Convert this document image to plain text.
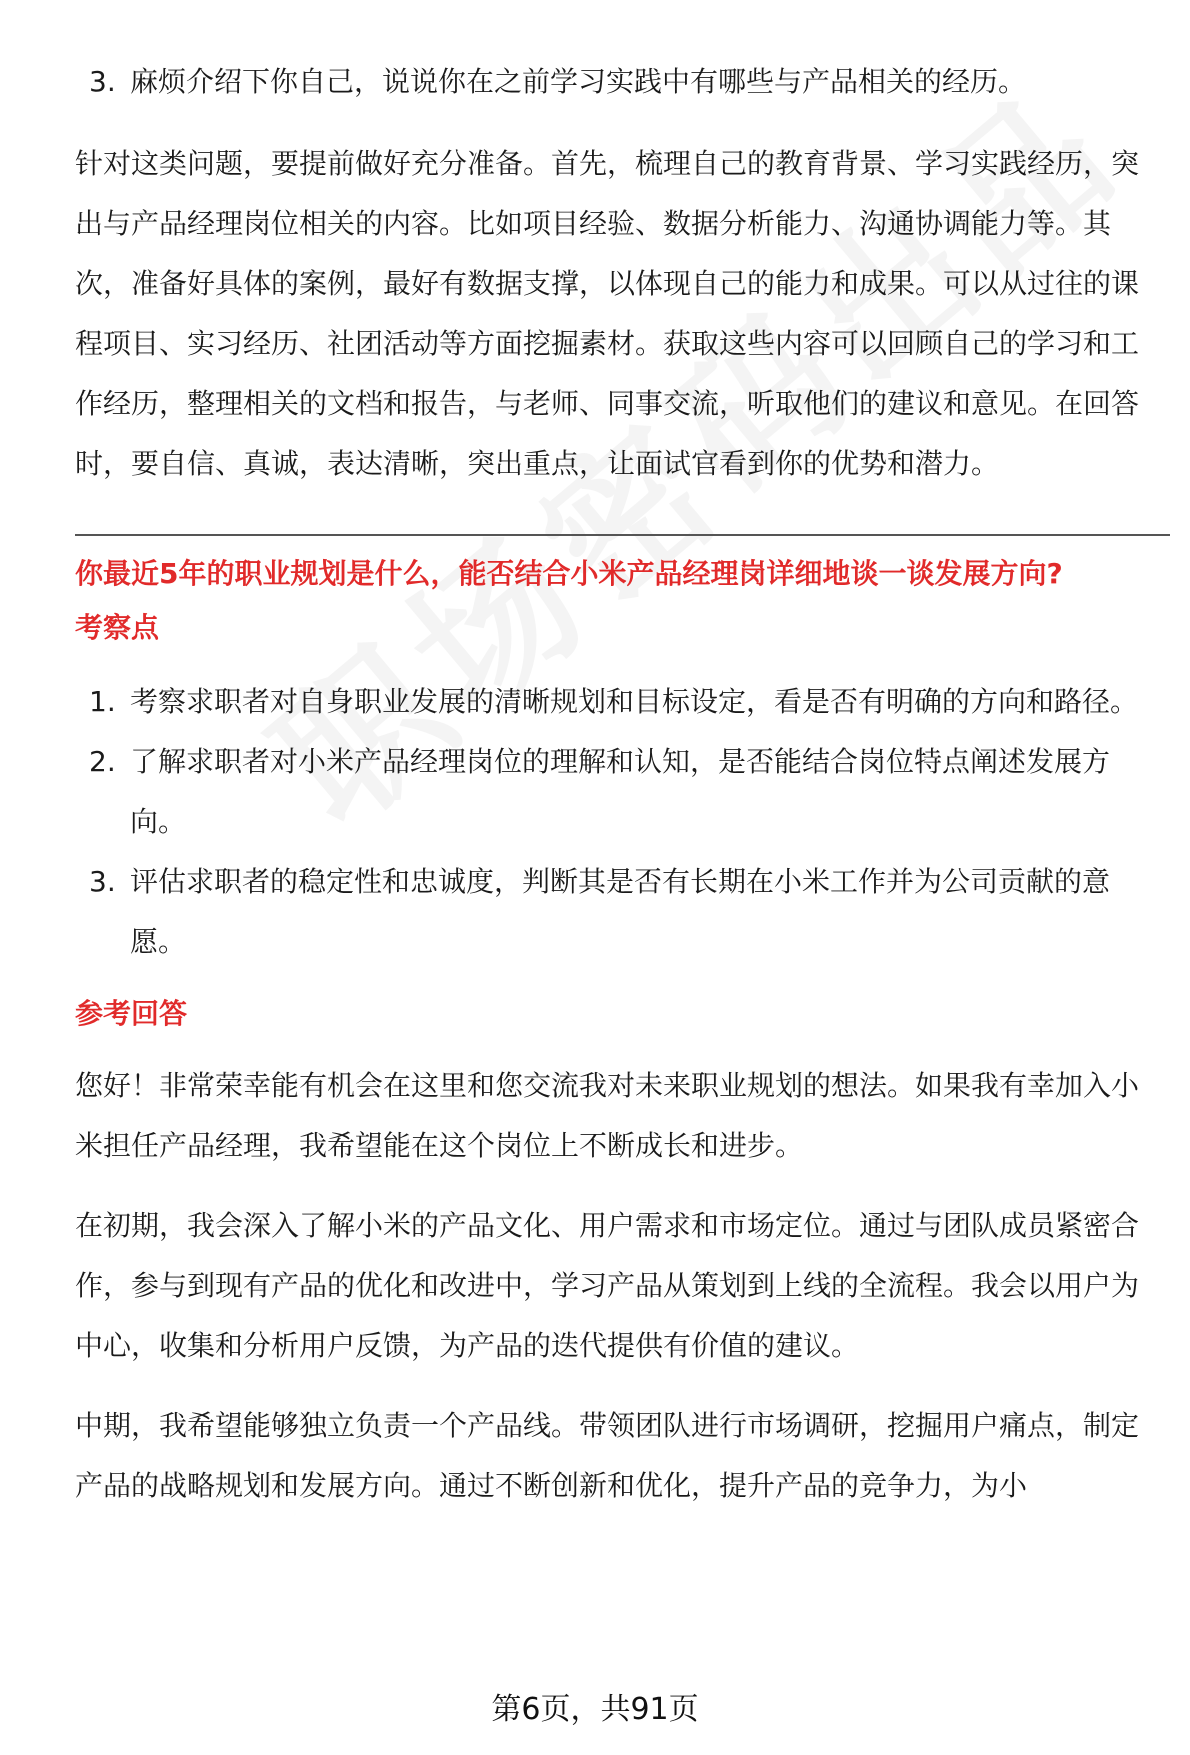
3. 麻烦介绍下你自己，说说你在之前学习实践中有哪些与产品相关的经历。

针对这类问题，要提前做好充分准备。首先，梳理自己的教育背景、学习实践经历，突出与产品经理岗位相关的内容。比如项目经验、数据分析能力、沟通协调能力等。其次，准备好具体的案例，最好有数据支撑，以体现自己的能力和成果。可以从过往的课程项目、实习经历、社团活动等方面挖掘素材。获取这些内容可以回顾自己的学习和工作经历，整理相关的文档和报告，与老师、同事交流，听取他们的建议和意见。在回答时，要自信、真诚，表达清晰，突出重点，让面试官看到你的优势和潜力。

你最近5年的职业规划是什么，能否结合小米产品经理岗详细地谈一谈发展方向?
考察点
1. 考察求职者对自身职业发展的清晰规划和目标设定，看是否有明确的方向和路径。
2. 了解求职者对小米产品经理岗位的理解和认知，是否能结合岗位特点阐述发展方向。
3. 评估求职者的稳定性和忠诚度，判断其是否有长期在小米工作并为公司贡献的意愿。
参考回答

您好！非常荣幸能有机会在这里和您交流我对未来职业规划的想法。如果我有幸加入小米担任产品经理，我希望能在这个岗位上不断成长和进步。

在初期，我会深入了解小米的产品文化、用户需求和市场定位。通过与团队成员紧密合作，参与到现有产品的优化和改进中，学习产品从策划到上线的全流程。我会以用户为中心，收集和分析用户反馈，为产品的迭代提供有价值的建议。

中期，我希望能够独立负责一个产品线。带领团队进行市场调研，挖掘用户痛点，制定产品的战略规划和发展方向。通过不断创新和优化，提升产品的竞争力，为小

第6页，共91页
